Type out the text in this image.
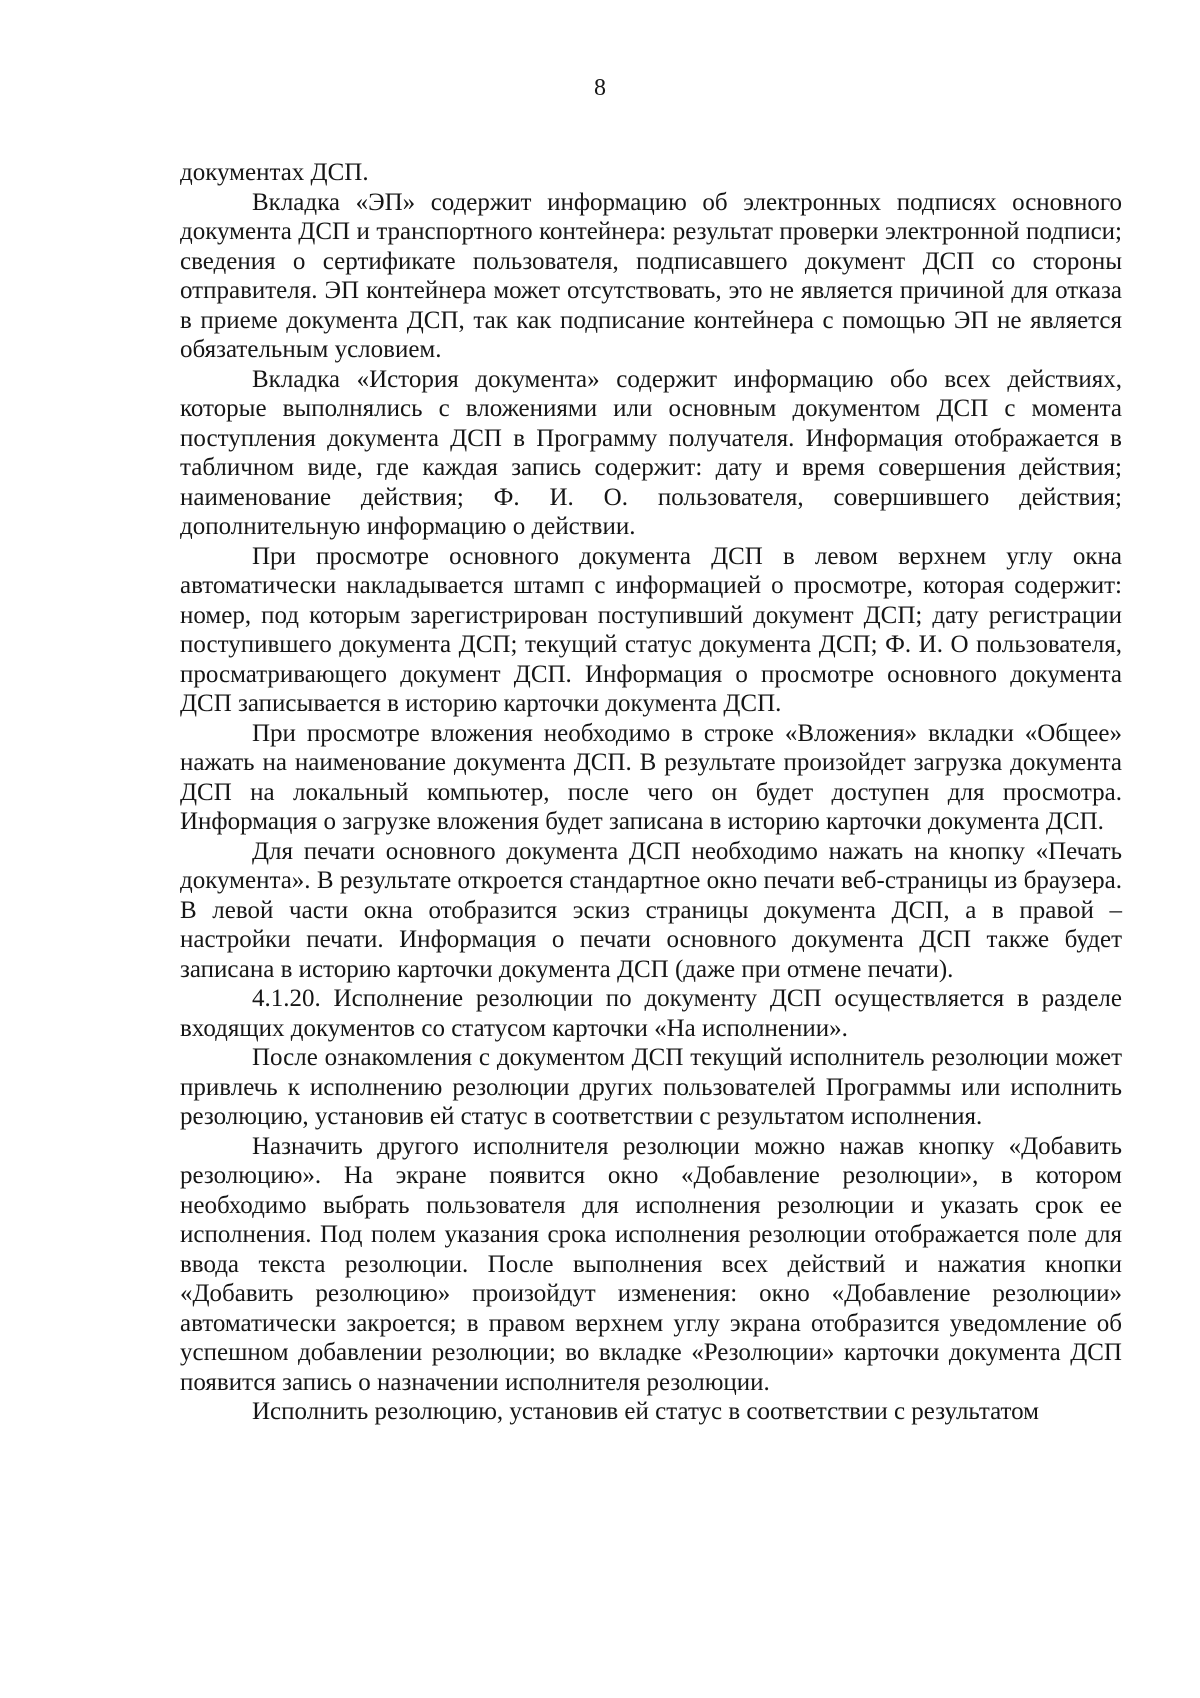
8

документах ДСП.

Вкладка «ЭП» содержит информацию об электронных подписях основного документа ДСП и транспортного контейнера: результат проверки электронной подписи; сведения о сертификате пользователя, подписавшего документ ДСП со стороны отправителя. ЭП контейнера может отсутствовать, это не является причиной для отказа в приеме документа ДСП, так как подписание контейнера с помощью ЭП не является обязательным условием.

Вкладка «История документа» содержит информацию обо всех действиях, которые выполнялись с вложениями или основным документом ДСП с момента поступления документа ДСП в Программу получателя. Информация отображается в табличном виде, где каждая запись содержит: дату и время совершения действия; наименование действия; Ф. И. О. пользователя, совершившего действия; дополнительную информацию о действии.

При просмотре основного документа ДСП в левом верхнем углу окна автоматически накладывается штамп с информацией о просмотре, которая содержит: номер, под которым зарегистрирован поступивший документ ДСП; дату регистрации поступившего документа ДСП; текущий статус документа ДСП; Ф. И. О пользователя, просматривающего документ ДСП. Информация о просмотре основного документа ДСП записывается в историю карточки документа ДСП.

При просмотре вложения необходимо в строке «Вложения» вкладки «Общее» нажать на наименование документа ДСП. В результате произойдет загрузка документа ДСП на локальный компьютер, после чего он будет доступен для просмотра. Информация о загрузке вложения будет записана в историю карточки документа ДСП.

Для печати основного документа ДСП необходимо нажать на кнопку «Печать документа». В результате откроется стандартное окно печати веб-страницы из браузера. В левой части окна отобразится эскиз страницы документа ДСП, а в правой – настройки печати. Информация о печати основного документа ДСП также будет записана в историю карточки документа ДСП (даже при отмене печати).

4.1.20. Исполнение резолюции по документу ДСП осуществляется в разделе входящих документов со статусом карточки «На исполнении».

После ознакомления с документом ДСП текущий исполнитель резолюции может привлечь к исполнению резолюции других пользователей Программы или исполнить резолюцию, установив ей статус в соответствии с результатом исполнения.

Назначить другого исполнителя резолюции можно нажав кнопку «Добавить резолюцию». На экране появится окно «Добавление резолюции», в котором необходимо выбрать пользователя для исполнения резолюции и указать срок ее исполнения. Под полем указания срока исполнения резолюции отображается поле для ввода текста резолюции. После выполнения всех действий и нажатия кнопки «Добавить резолюцию» произойдут изменения: окно «Добавление резолюции» автоматически закроется; в правом верхнем углу экрана отобразится уведомление об успешном добавлении резолюции; во вкладке «Резолюции» карточки документа ДСП появится запись о назначении исполнителя резолюции.

Исполнить резолюцию, установив ей статус в соответствии с результатом
